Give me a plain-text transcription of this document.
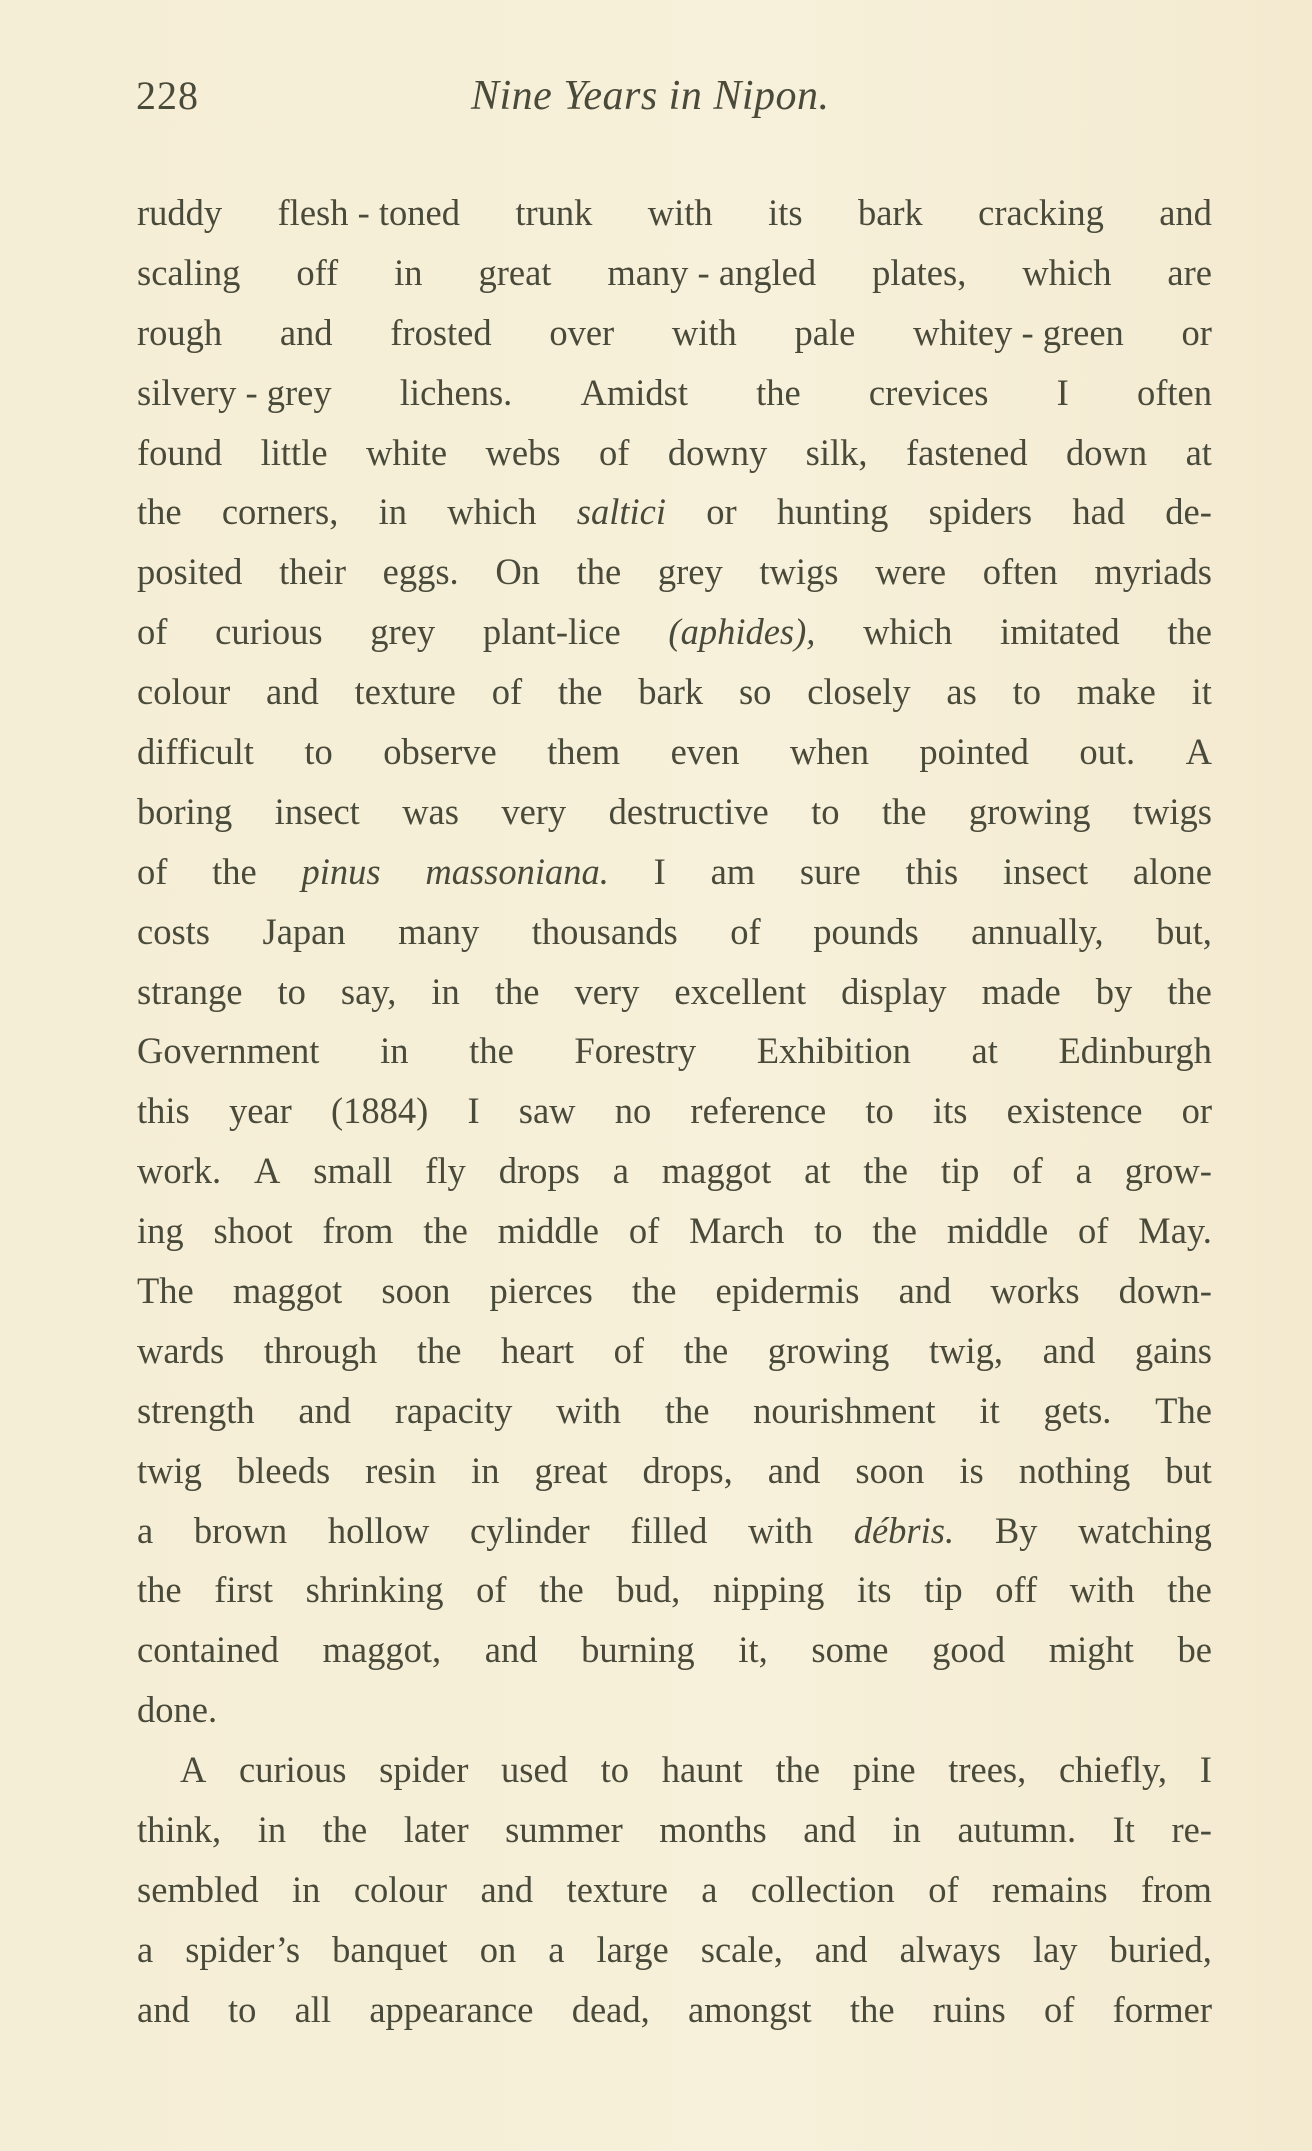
228	Nine Years in Nipon.
ruddy flesh - toned trunk with its bark cracking and
scaling off in great many - angled plates, which are
rough and frosted over with pale whitey - green or
silvery - grey lichens. Amidst the crevices I often
found little white webs of downy silk, fastened down at
the corners, in which saltici or hunting spiders had de-
posited their eggs. On the grey twigs were often myriads
of curious grey plant-lice (aphides), which imitated the
colour and texture of the bark so closely as to make it
difficult to observe them even when pointed out. A
boring insect was very destructive to the growing twigs
of the pinus massoniana. I am sure this insect alone
costs Japan many thousands of pounds annually, but,
strange to say, in the very excellent display made by the
Government in the Forestry Exhibition at Edinburgh
this year (1884) I saw no reference to its existence or
work. A small fly drops a maggot at the tip of a grow-
ing shoot from the middle of March to the middle of May.
The maggot soon pierces the epidermis and works down-
wards through the heart of the growing twig, and gains
strength and rapacity with the nourishment it gets. The
twig bleeds resin in great drops, and soon is nothing but
a brown hollow cylinder filled with débris. By watching
the first shrinking of the bud, nipping its tip off with the
contained maggot, and burning it, some good might be
done.
A curious spider used to haunt the pine trees, chiefly, I
think, in the later summer months and in autumn. It re-
sembled in colour and texture a collection of remains from
a spider’s banquet on a large scale, and always lay buried,
and to all appearance dead, amongst the ruins of former
